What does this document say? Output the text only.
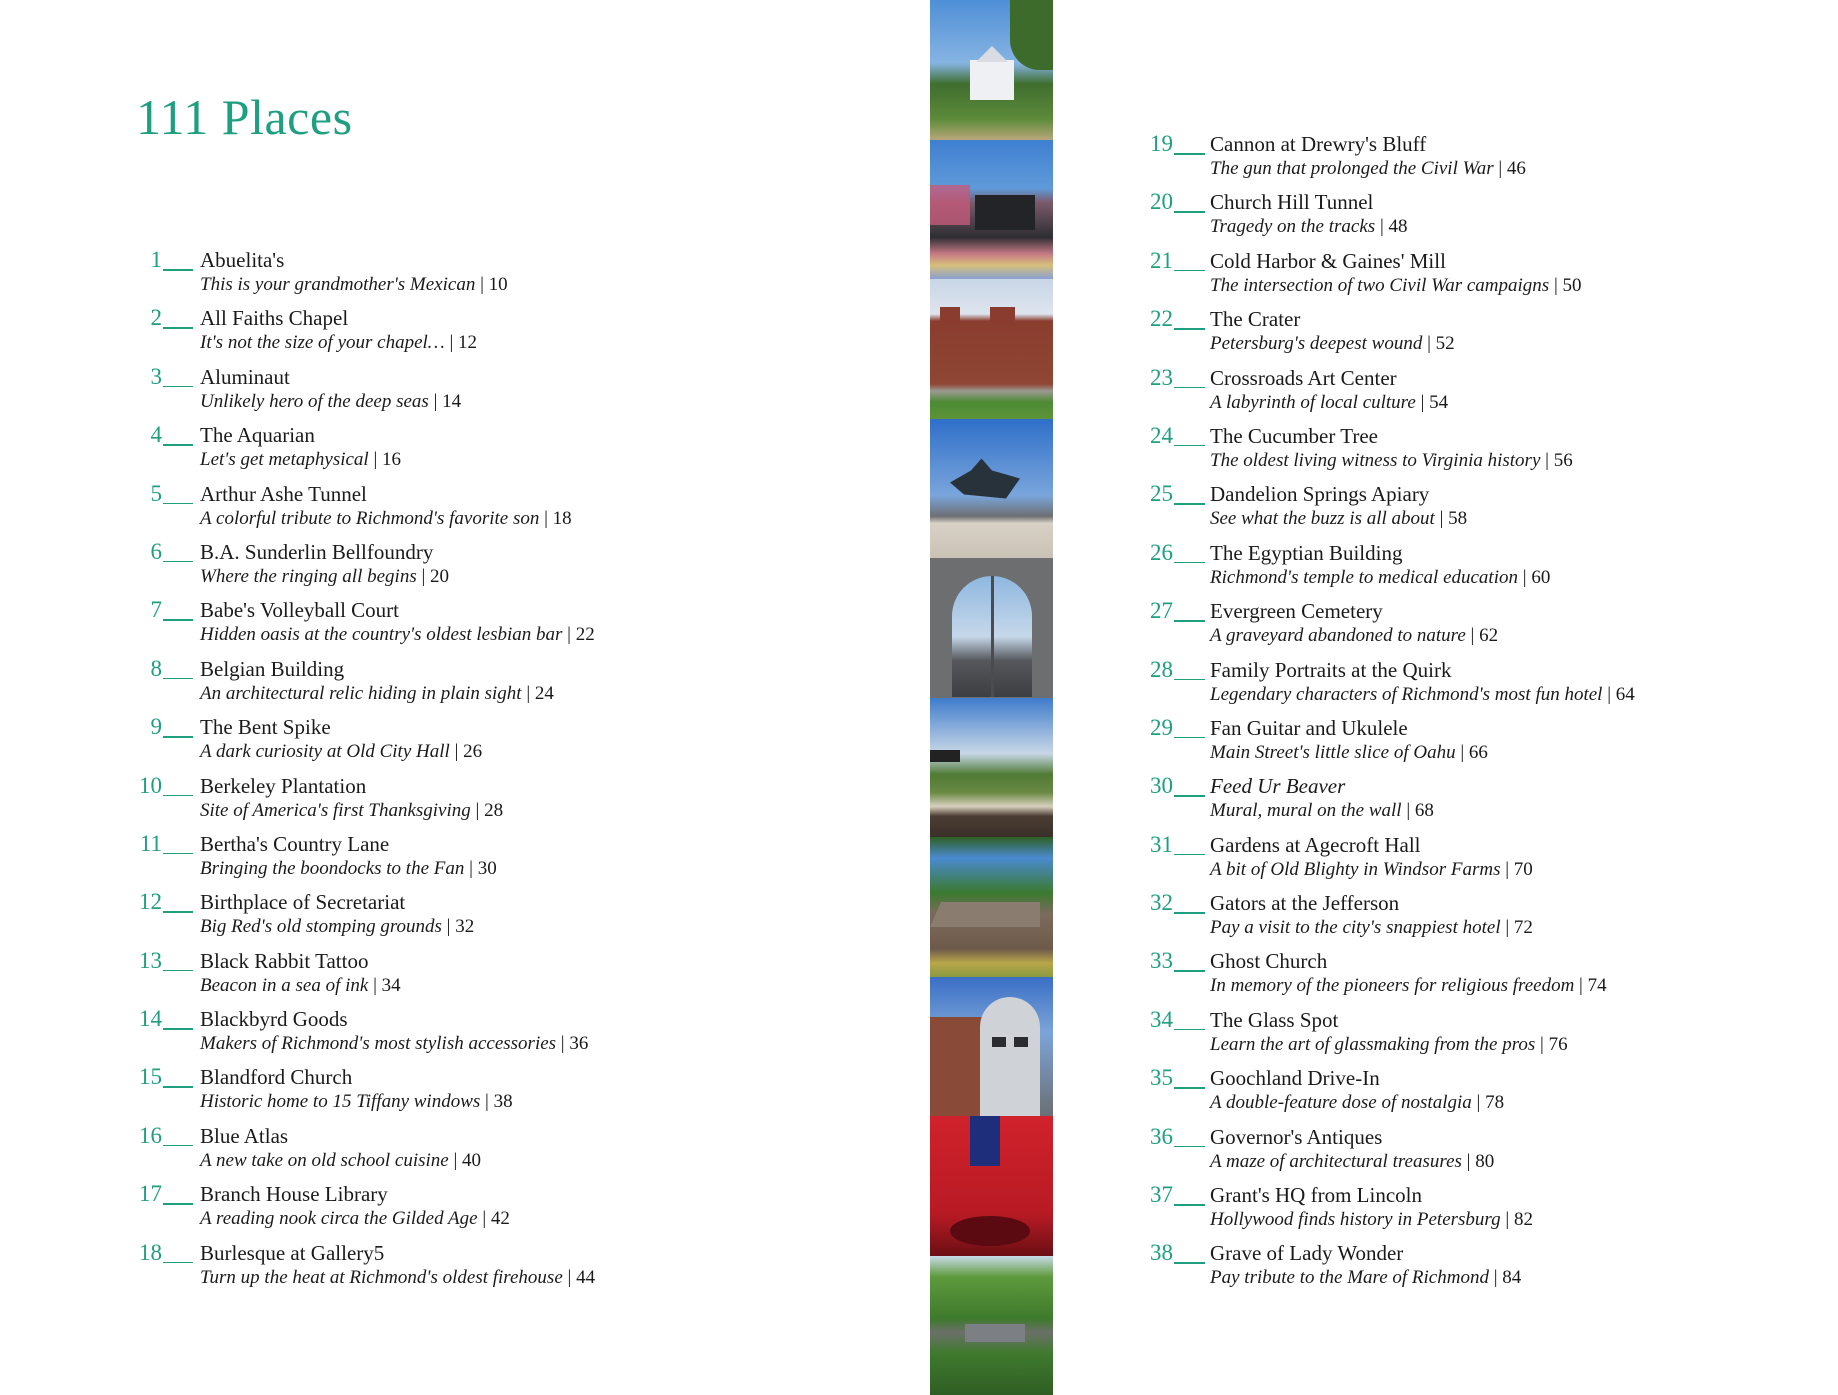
111 Places
1 Abuelita's
This is your grandmother's Mexican | 10
2 All Faiths Chapel
It's not the size of your chapel… | 12
3 Aluminaut
Unlikely hero of the deep seas | 14
4 The Aquarian
Let's get metaphysical | 16
5 Arthur Ashe Tunnel
A colorful tribute to Richmond's favorite son | 18
6 B.A. Sunderlin Bellfoundry
Where the ringing all begins | 20
7 Babe's Volleyball Court
Hidden oasis at the country's oldest lesbian bar | 22
8 Belgian Building
An architectural relic hiding in plain sight | 24
9 The Bent Spike
A dark curiosity at Old City Hall | 26
10 Berkeley Plantation
Site of America's first Thanksgiving | 28
11 Bertha's Country Lane
Bringing the boondocks to the Fan | 30
12 Birthplace of Secretariat
Big Red's old stomping grounds | 32
13 Black Rabbit Tattoo
Beacon in a sea of ink | 34
14 Blackbyrd Goods
Makers of Richmond's most stylish accessories | 36
15 Blandford Church
Historic home to 15 Tiffany windows | 38
16 Blue Atlas
A new take on old school cuisine | 40
17 Branch House Library
A reading nook circa the Gilded Age | 42
18 Burlesque at Gallery5
Turn up the heat at Richmond's oldest firehouse | 44
19 Cannon at Drewry's Bluff
The gun that prolonged the Civil War | 46
20 Church Hill Tunnel
Tragedy on the tracks | 48
21 Cold Harbor & Gaines' Mill
The intersection of two Civil War campaigns | 50
22 The Crater
Petersburg's deepest wound | 52
23 Crossroads Art Center
A labyrinth of local culture | 54
24 The Cucumber Tree
The oldest living witness to Virginia history | 56
25 Dandelion Springs Apiary
See what the buzz is all about | 58
26 The Egyptian Building
Richmond's temple to medical education | 60
27 Evergreen Cemetery
A graveyard abandoned to nature | 62
28 Family Portraits at the Quirk
Legendary characters of Richmond's most fun hotel | 64
29 Fan Guitar and Ukulele
Main Street's little slice of Oahu | 66
30 Feed Ur Beaver
Mural, mural on the wall | 68
31 Gardens at Agecroft Hall
A bit of Old Blighty in Windsor Farms | 70
32 Gators at the Jefferson
Pay a visit to the city's snappiest hotel | 72
33 Ghost Church
In memory of the pioneers for religious freedom | 74
34 The Glass Spot
Learn the art of glassmaking from the pros | 76
35 Goochland Drive-In
A double-feature dose of nostalgia | 78
36 Governor's Antiques
A maze of architectural treasures | 80
37 Grant's HQ from Lincoln
Hollywood finds history in Petersburg | 82
38 Grave of Lady Wonder
Pay tribute to the Mare of Richmond | 84
